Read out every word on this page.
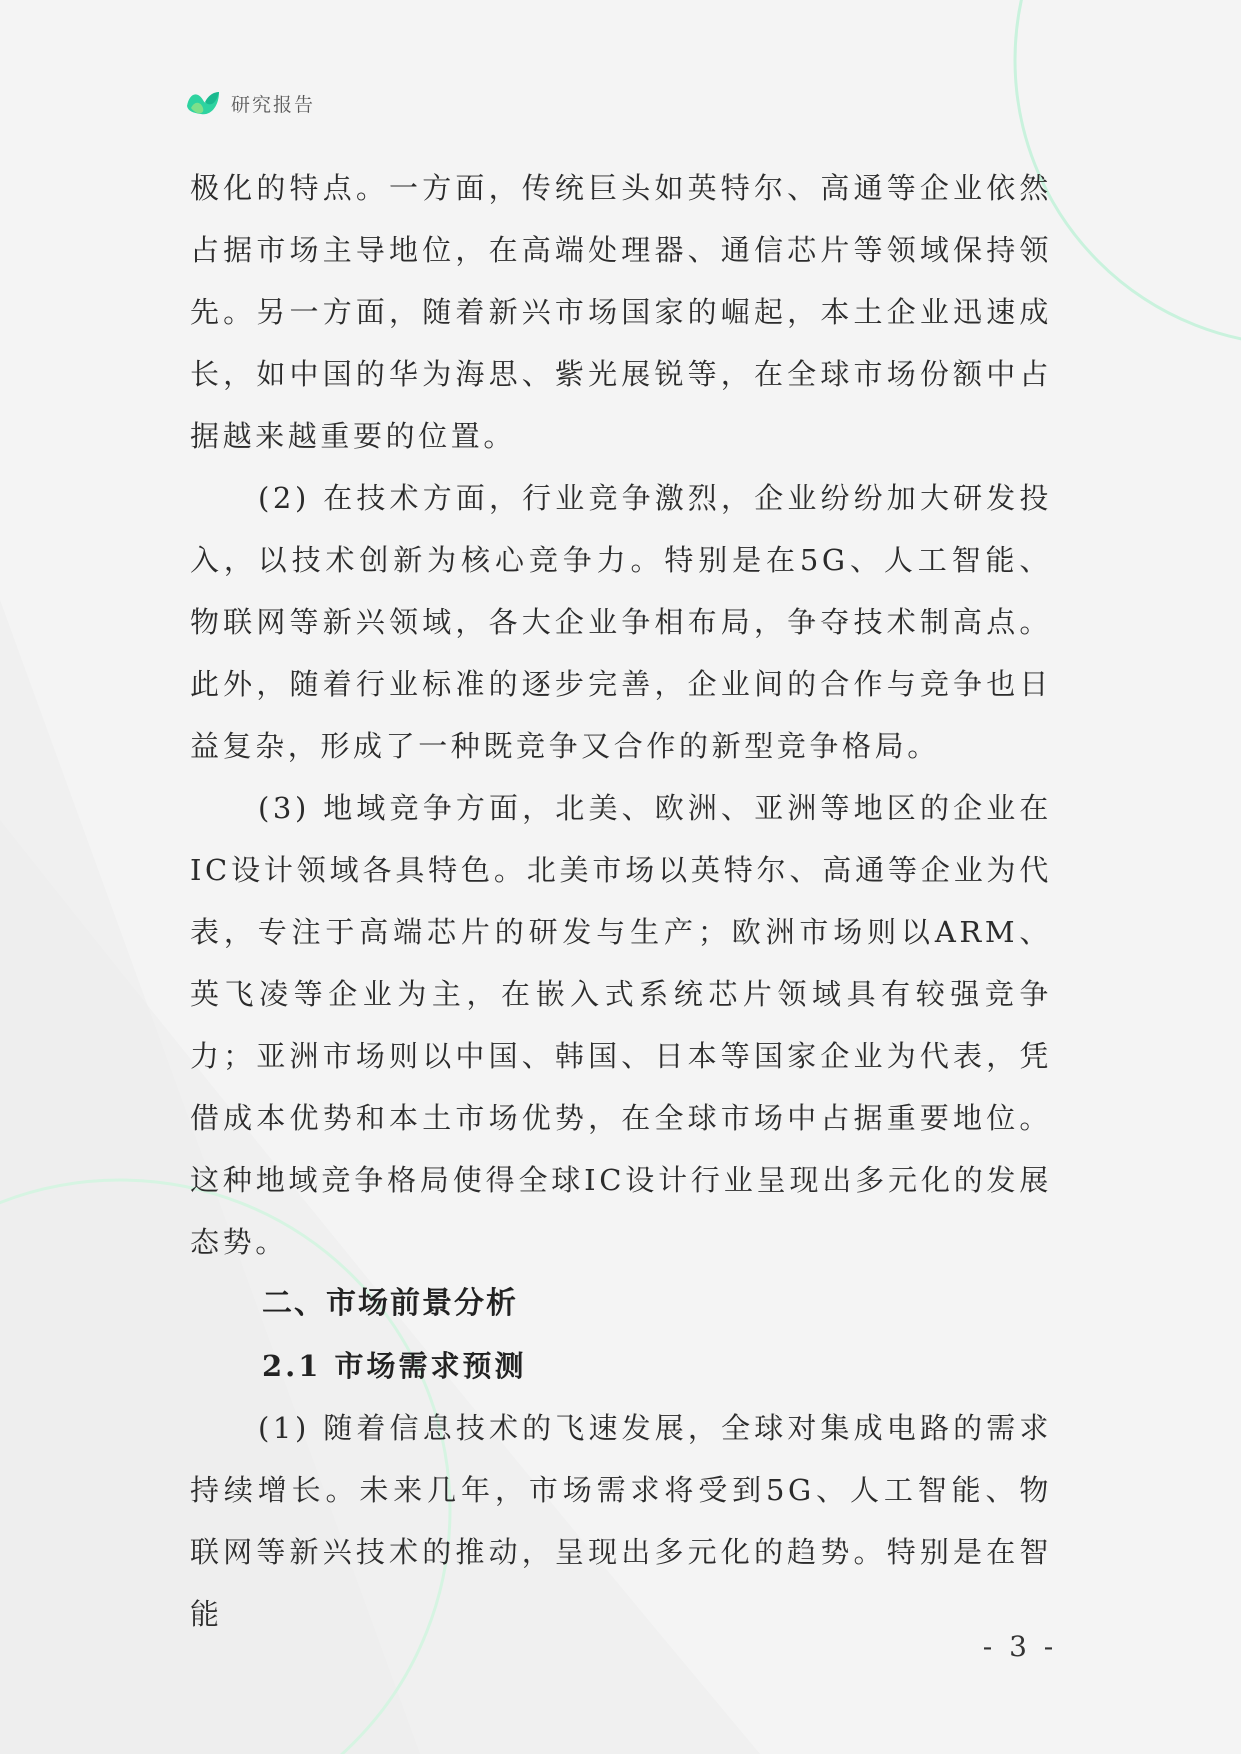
研究报告

极化的特点。一方面，传统巨头如英特尔、高通等企业依然占据市场主导地位，在高端处理器、通信芯片等领域保持领先。另一方面，随着新兴市场国家的崛起，本土企业迅速成长，如中国的华为海思、紫光展锐等，在全球市场份额中占据越来越重要的位置。

(2) 在技术方面，行业竞争激烈，企业纷纷加大研发投入，以技术创新为核心竞争力。特别是在5G、人工智能、物联网等新兴领域，各大企业争相布局，争夺技术制高点。此外，随着行业标准的逐步完善，企业间的合作与竞争也日益复杂，形成了一种既竞争又合作的新型竞争格局。

(3) 地域竞争方面，北美、欧洲、亚洲等地区的企业在IC设计领域各具特色。北美市场以英特尔、高通等企业为代表，专注于高端芯片的研发与生产；欧洲市场则以ARM、英飞凌等企业为主，在嵌入式系统芯片领域具有较强竞争力；亚洲市场则以中国、韩国、日本等国家企业为代表，凭借成本优势和本土市场优势，在全球市场中占据重要地位。这种地域竞争格局使得全球IC设计行业呈现出多元化的发展态势。

二、市场前景分析
2.1 市场需求预测

(1) 随着信息技术的飞速发展，全球对集成电路的需求持续增长。未来几年，市场需求将受到5G、人工智能、物联网等新兴技术的推动，呈现出多元化的趋势。特别是在智能

- 3 -
